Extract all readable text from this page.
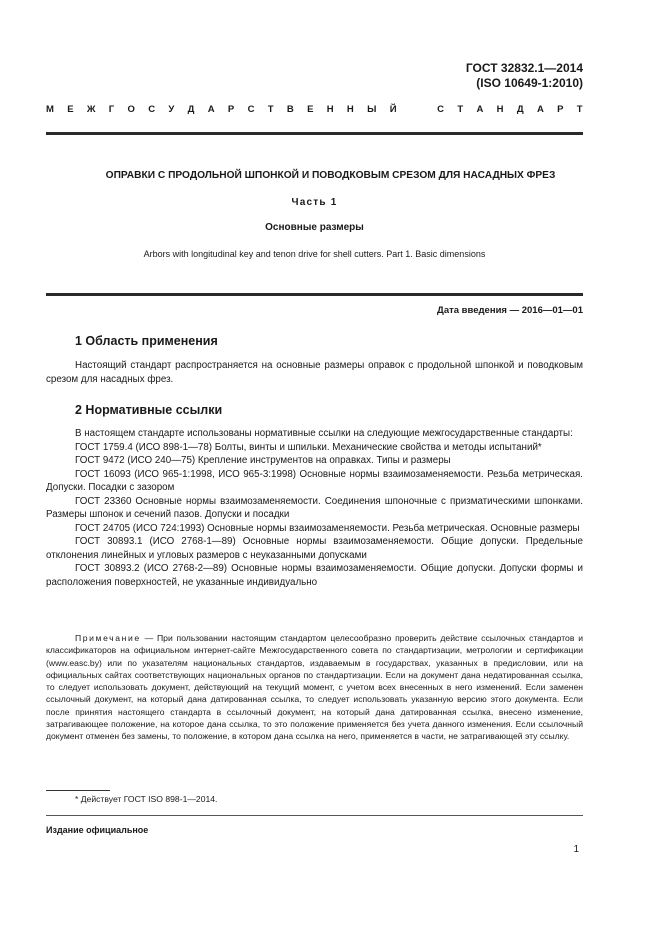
ГОСТ 32832.1—2014
(ISO 10649-1:2010)
М Е Ж Г О С У Д А Р С Т В Е Н Н Ы Й	С Т А Н Д А Р Т
ОПРАВКИ С ПРОДОЛЬНОЙ ШПОНКОЙ И ПОВОДКОВЫМ СРЕЗОМ ДЛЯ НАСАДНЫХ ФРЕЗ
Часть 1
Основные размеры
Arbors with longitudinal key and tenon drive for shell cutters. Part 1. Basic dimensions
Дата введения — 2016—01—01
1 Область применения

Настоящий стандарт распространяется на основные размеры оправок с продольной шпонкой и поводковым срезом для насадных фрез.

2 Нормативные ссылки

В настоящем стандарте использованы нормативные ссылки на следующие межгосударственные стандарты:

ГОСТ 1759.4 (ИСО 898-1—78) Болты, винты и шпильки. Механические свойства и методы испытаний*

ГОСТ 9472 (ИСО 240—75) Крепление инструментов на оправках. Типы и размеры

ГОСТ 16093 (ИСО 965-1:1998, ИСО 965-3:1998) Основные нормы взаимозаменяемости. Резьба метрическая. Допуски. Посадки с зазором

ГОСТ 23360 Основные нормы взаимозаменяемости. Соединения шпоночные с призматическими шпонками. Размеры шпонок и сечений пазов. Допуски и посадки

ГОСТ 24705 (ИСО 724:1993) Основные нормы взаимозаменяемости. Резьба метрическая. Основные размеры

ГОСТ 30893.1 (ИСО 2768-1—89) Основные нормы взаимозаменяемости. Общие допуски. Предельные отклонения линейных и угловых размеров с неуказанными допусками

ГОСТ 30893.2 (ИСО 2768-2—89) Основные нормы взаимозаменяемости. Общие допуски. Допуски формы и расположения поверхностей, не указанные индивидуально

Примечание — При пользовании настоящим стандартом целесообразно проверить действие ссылочных стандартов и классификаторов на официальном интернет-сайте Межгосударственного совета по стандартизации, метрологии и сертификации (www.easc.by) или по указателям национальных стандартов, издаваемым в государствах, указанных в предисловии, или на официальных сайтах соответствующих национальных органов по стандартизации. Если на документ дана недатированная ссылка, то следует использовать документ, действующий на текущий момент, с учетом всех внесенных в него изменений. Если заменен ссылочный документ, на который дана датированная ссылка, то следует использовать указанную версию этого документа. Если после принятия настоящего стандарта в ссылочный документ, на который дана датированная ссылка, внесено изменение, затрагивающее положение, на которое дана ссылка, то это положение применяется без учета данного изменения. Если ссылочный документ отменен без замены, то положение, в котором дана ссылка на него, применяется в части, не затрагивающей эту ссылку.

* Действует ГОСТ ISO 898-1—2014.
Издание официальное
1
